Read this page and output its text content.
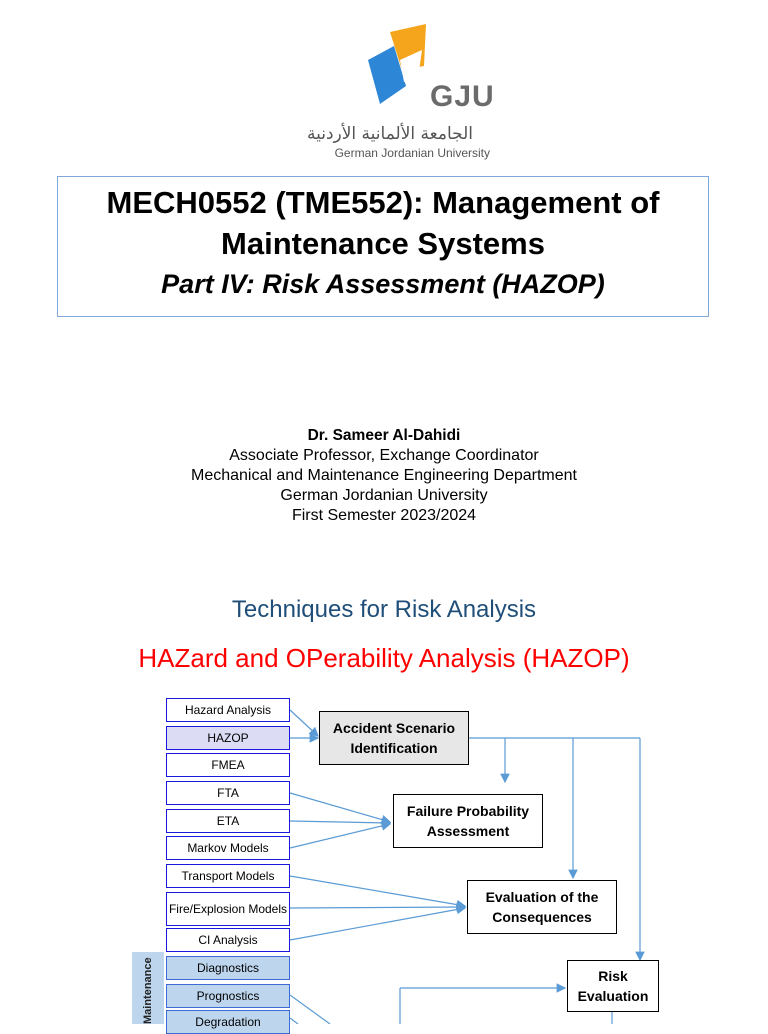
GJU
الجامعة الألمانية الأردنية
German Jordanian University
MECH0552 (TME552): Management of
Maintenance Systems
Part IV: Risk Assessment (HAZOP)
Dr. Sameer Al-Dahidi
Associate Professor, Exchange Coordinator
Mechanical and Maintenance Engineering Department
German Jordanian University
First Semester 2023/2024
Techniques for Risk Analysis
HAZard and OPerability Analysis (HAZOP)
Maintenance
Hazard Analysis
HAZOP
FMEA
FTA
ETA
Markov Models
Transport Models
Fire/Explosion Models
CI Analysis
Diagnostics
Prognostics
Degradation
Accident Scenario Identification
Failure Probability Assessment
Evaluation of the Consequences
Risk Evaluation
